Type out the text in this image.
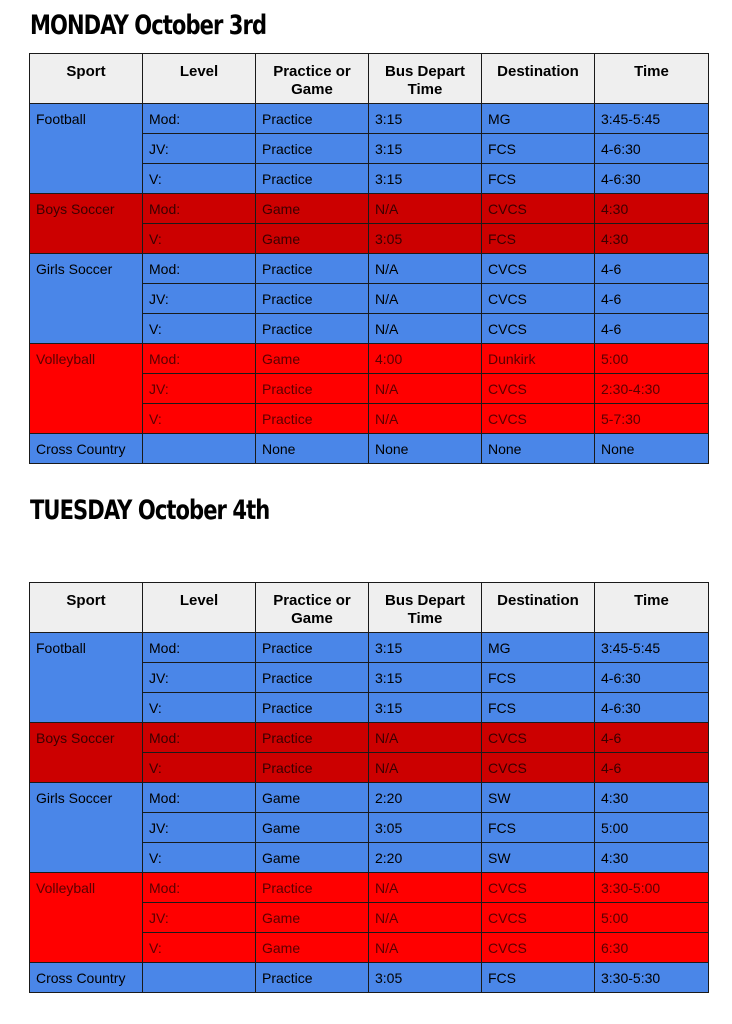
MONDAY October 3rd
Sport	Level	Practice or Game	Bus Depart Time	Destination	Time
Football	Mod:	Practice	3:15	MG	3:45-5:45
	JV:	Practice	3:15	FCS	4-6:30
	V:	Practice	3:15	FCS	4-6:30
Boys Soccer	Mod:	Game	N/A	CVCS	4:30
	V:	Game	3:05	FCS	4:30
Girls Soccer	Mod:	Practice	N/A	CVCS	4-6
	JV:	Practice	N/A	CVCS	4-6
	V:	Practice	N/A	CVCS	4-6
Volleyball	Mod:	Game	4:00	Dunkirk	5:00
	JV:	Practice	N/A	CVCS	2:30-4:30
	V:	Practice	N/A	CVCS	5-7:30
Cross Country		None	None	None	None
TUESDAY October 4th
Sport	Level	Practice or Game	Bus Depart Time	Destination	Time
Football	Mod:	Practice	3:15	MG	3:45-5:45
	JV:	Practice	3:15	FCS	4-6:30
	V:	Practice	3:15	FCS	4-6:30
Boys Soccer	Mod:	Practice	N/A	CVCS	4-6
	V:	Practice	N/A	CVCS	4-6
Girls Soccer	Mod:	Game	2:20	SW	4:30
	JV:	Game	3:05	FCS	5:00
	V:	Game	2:20	SW	4:30
Volleyball	Mod:	Practice	N/A	CVCS	3:30-5:00
	JV:	Game	N/A	CVCS	5:00
	V:	Game	N/A	CVCS	6:30
Cross Country		Practice	3:05	FCS	3:30-5:30
